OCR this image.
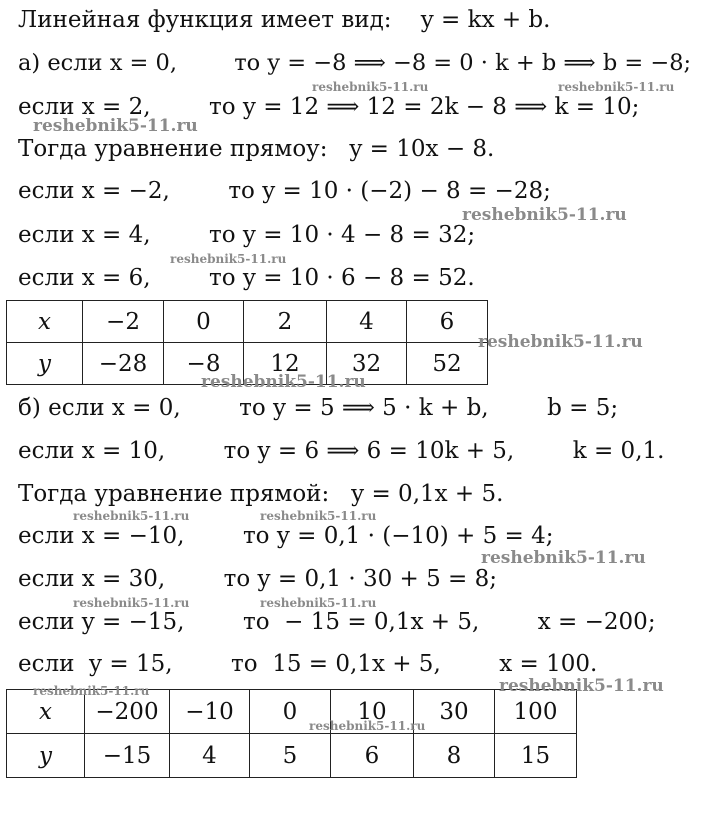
Линейная функция имеет вид:    y = kx + b.
а) если x = 0,        то y = −8 ⟹ −8 = 0 · k + b ⟹ b = −8;
если x = 2,        то y = 12 ⟹ 12 = 2k − 8 ⟹ k = 10;
Тогда уравнение прямоу:   y = 10x − 8.
если x = −2,        то y = 10 · (−2) − 8 = −28;
если x = 4,        то y = 10 · 4 − 8 = 32;
если x = 6,        то y = 10 · 6 − 8 = 52.
x	−2	0	2	4	6
y	−28	−8	12	32	52
б) если x = 0,        то y = 5 ⟹ 5 · k + b,        b = 5;
если x = 10,        то y = 6 ⟹ 6 = 10k + 5,        k = 0,1.
Тогда уравнение прямой:   y = 0,1x + 5.
если x = −10,        то y = 0,1 · (−10) + 5 = 4;
если x = 30,        то y = 0,1 · 30 + 5 = 8;
если y = −15,        то  − 15 = 0,1x + 5,        x = −200;
если  y = 15,        то  15 = 0,1x + 5,        x = 100.
x	−200	−10	0	10	30	100
y	−15	4	5	6	8	15
reshebnik5-11.ru	reshebnik5-11.ru
reshebnik5-11.ru
reshebnik5-11.ru
reshebnik5-11.ru
reshebnik5-11.ru
reshebnik5-11.ru
reshebnik5-11.ru	reshebnik5-11.ru
reshebnik5-11.ru
reshebnik5-11.ru	reshebnik5-11.ru
reshebnik5-11.ru	reshebnik5-11.ru
reshebnik5-11.ru
